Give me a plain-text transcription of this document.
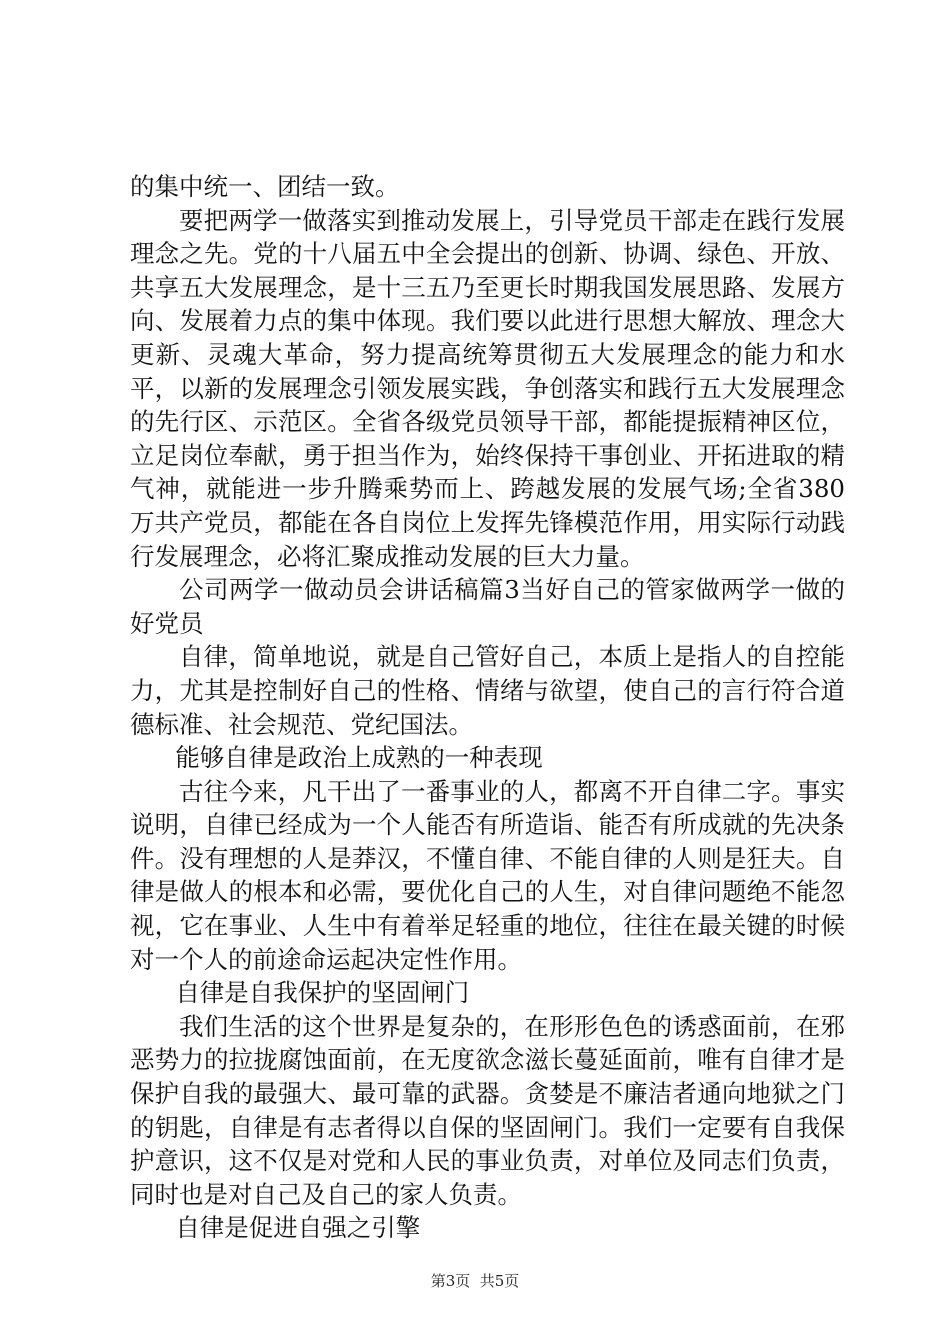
的集中统一、团结一致。

要把两学一做落实到推动发展上，引导党员干部走在践行发展理念之先。党的十八届五中全会提出的创新、协调、绿色、开放、共享五大发展理念，是十三五乃至更长时期我国发展思路、发展方向、发展着力点的集中体现。我们要以此进行思想大解放、理念大更新、灵魂大革命，努力提高统筹贯彻五大发展理念的能力和水平，以新的发展理念引领发展实践，争创落实和践行五大发展理念的先行区、示范区。全省各级党员领导干部，都能提振精神区位，立足岗位奉献，勇于担当作为，始终保持干事创业、开拓进取的精气神，就能进一步升腾乘势而上、跨越发展的发展气场;全省380万共产党员，都能在各自岗位上发挥先锋模范作用，用实际行动践行发展理念，必将汇聚成推动发展的巨大力量。

公司两学一做动员会讲话稿篇3当好自己的管家做两学一做的好党员

自律，简单地说，就是自己管好自己，本质上是指人的自控能力，尤其是控制好自己的性格、情绪与欲望，使自己的言行符合道德标准、社会规范、党纪国法。

能够自律是政治上成熟的一种表现

古往今来，凡干出了一番事业的人，都离不开自律二字。事实说明，自律已经成为一个人能否有所造诣、能否有所成就的先决条件。没有理想的人是莽汉，不懂自律、不能自律的人则是狂夫。自律是做人的根本和必需，要优化自己的人生，对自律问题绝不能忽视，它在事业、人生中有着举足轻重的地位，往往在最关键的时候对一个人的前途命运起决定性作用。

自律是自我保护的坚固闸门

我们生活的这个世界是复杂的，在形形色色的诱惑面前，在邪恶势力的拉拢腐蚀面前，在无度欲念滋长蔓延面前，唯有自律才是保护自我的最强大、最可靠的武器。贪婪是不廉洁者通向地狱之门的钥匙，自律是有志者得以自保的坚固闸门。我们一定要有自我保护意识，这不仅是对党和人民的事业负责，对单位及同志们负责，同时也是对自己及自己的家人负责。

自律是促进自强之引擎

第3页  共5页
